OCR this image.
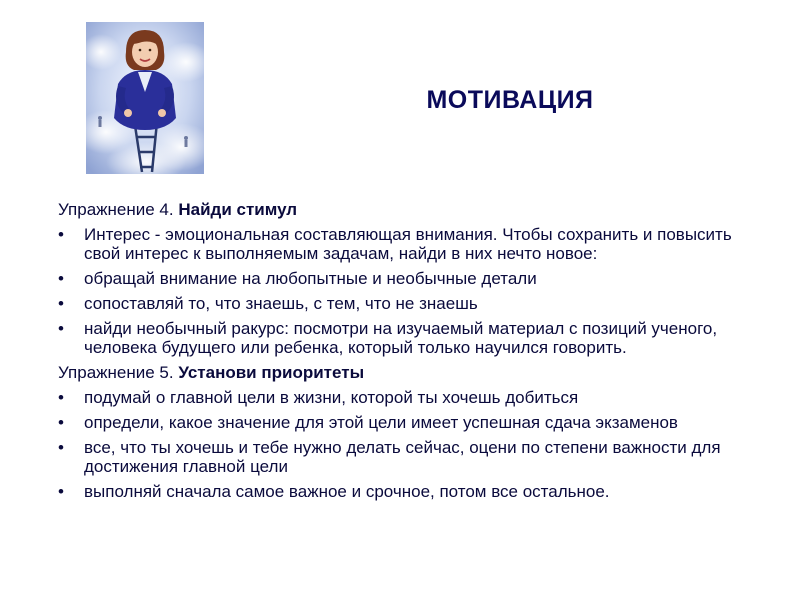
МОТИВАЦИЯ
Упражнение 4. Найди стимул
• Интерес - эмоциональная составляющая внимания. Чтобы сохранить и повысить свой интерес к выполняемым задачам, найди в них нечто новое:
• обращай внимание на любопытные и необычные детали
• сопоставляй то, что знаешь, с тем, что не знаешь
• найди необычный ракурс: посмотри на изучаемый материал с позиций ученого, человека будущего или ребенка, который только научился говорить.
Упражнение 5. Установи приоритеты
• подумай о главной цели в жизни, которой ты хочешь добиться
• определи, какое значение для этой цели имеет успешная сдача экзаменов
• все, что ты хочешь и тебе нужно делать сейчас, оцени по степени важности для достижения главной цели
• выполняй сначала самое важное и срочное, потом все остальное.
